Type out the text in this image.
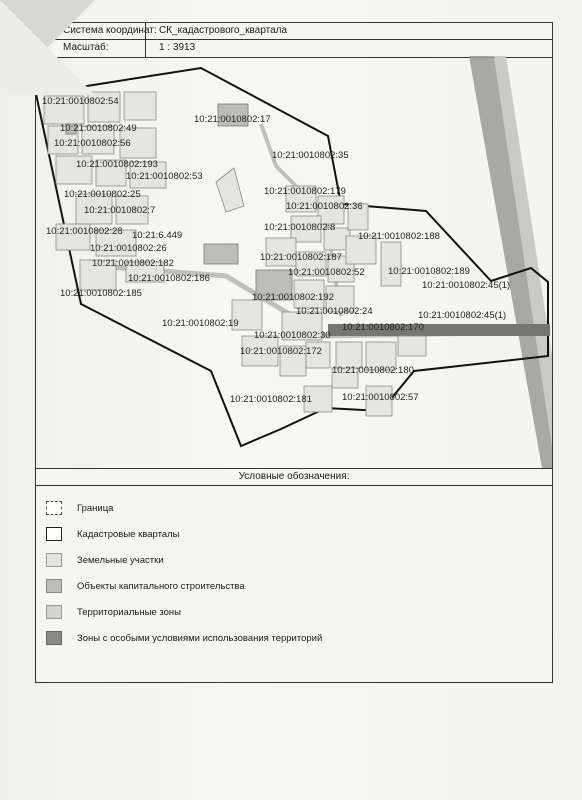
Система координат: СК_кадастрового_квартала
Масштаб:	1 : 3913
10:21:0010802:54
10:21:0010802:49
10:21:0010802:56
10:21:0010802:193
10:21:0010802:53
10:21:0010802:25
10:21:0010802:7
10:21:0010802:28 10:21:6.449
10:21:0010802:26
10:21:0010802:182
10:21:0010802:186
10:21:0010802:185
10:21:0010802:17
10:21:0010802:35
10:21:0010802:179
10:21:0010802:36
10:21:0010802:8
10:21:0010802:188
10:21:0010802:187
10:21:0010802:52 10:21:0010802:189
10:21:0010802:45(1)
10:21:0010802:192
10:21:0010802:24
10:21:0010802:19
10:21:0010802:30
10:21:0010802:45(1)
10:21:0010802:172
10:21:0010802:170
10:21:0010802:180
10:21:0010802:181	10:21:0010802:57
Условные обозначения:
Граница
Кадастровые кварталы
Земельные участки
Объекты капитального строительства
Территориальные зоны
Зоны с особыми условиями использования территорий
